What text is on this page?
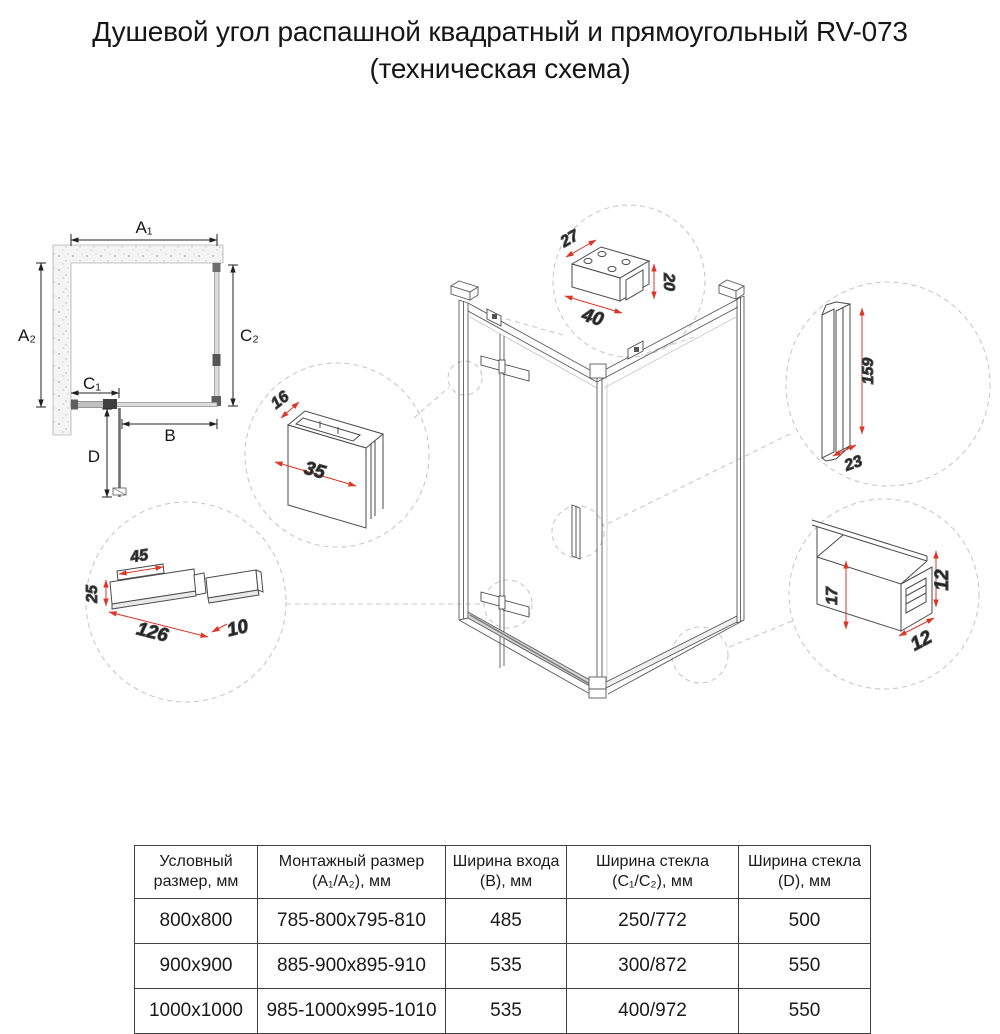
Душевой угол распашной квадратный и прямоугольный RV-073
(техническая схема)
A₁
A₂	C₂
C₁
B
D
27
20
40
16
35
159
23
45
25
126	10
17
12
12
Условный размер, мм	Монтажный размер (A₁/A₂), мм	Ширина входа (B), мм	Ширина стекла (C₁/C₂), мм	Ширина стекла (D), мм
800x800	785-800x795-810	485	250/772	500
900x900	885-900x895-910	535	300/872	550
1000x1000	985-1000x995-1010	535	400/972	550
